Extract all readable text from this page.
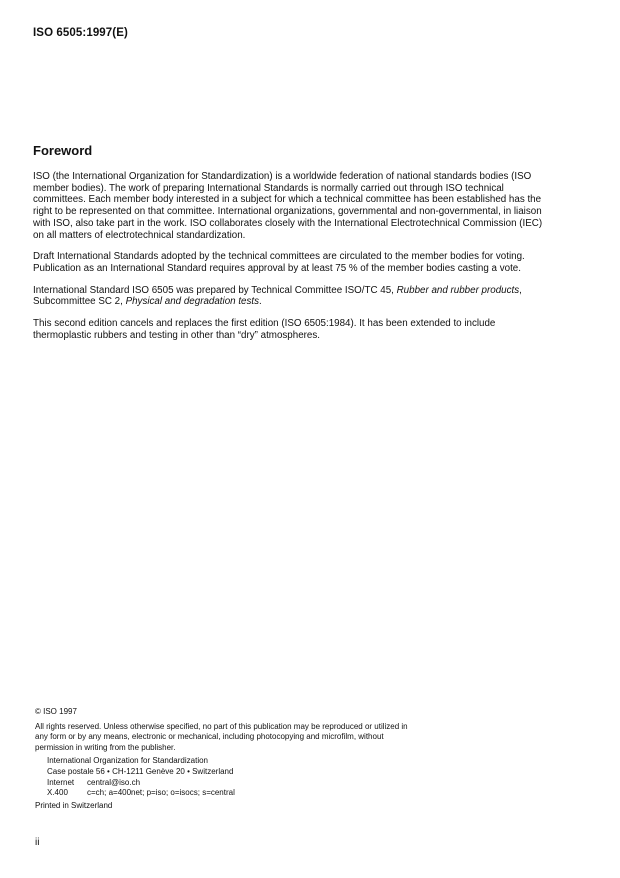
ISO 6505:1997(E)
Foreword

ISO (the International Organization for Standardization) is a worldwide federation of national standards bodies (ISO member bodies). The work of preparing International Standards is normally carried out through ISO technical committees. Each member body interested in a subject for which a technical committee has been established has the right to be represented on that committee. International organizations, governmental and non-governmental, in liaison with ISO, also take part in the work. ISO collaborates closely with the International Electrotechnical Commission (IEC) on all matters of electrotechnical standardization.

Draft International Standards adopted by the technical committees are circulated to the member bodies for voting. Publication as an International Standard requires approval by at least 75 % of the member bodies casting a vote.

International Standard ISO 6505 was prepared by Technical Committee ISO/TC 45, Rubber and rubber products, Subcommittee SC 2, Physical and degradation tests.

This second edition cancels and replaces the first edition (ISO 6505:1984). It has been extended to include thermoplastic rubbers and testing in other than “dry” atmospheres.

© ISO 1997
All rights reserved. Unless otherwise specified, no part of this publication may be reproduced or utilized in any form or by any means, electronic or mechanical, including photocopying and microfilm, without permission in writing from the publisher.
International Organization for Standardization
Case postale 56 • CH-1211 Genève 20 • Switzerland
Internet central@iso.ch
X.400 c=ch; a=400net; p=iso; o=isocs; s=central
Printed in Switzerland
ii
